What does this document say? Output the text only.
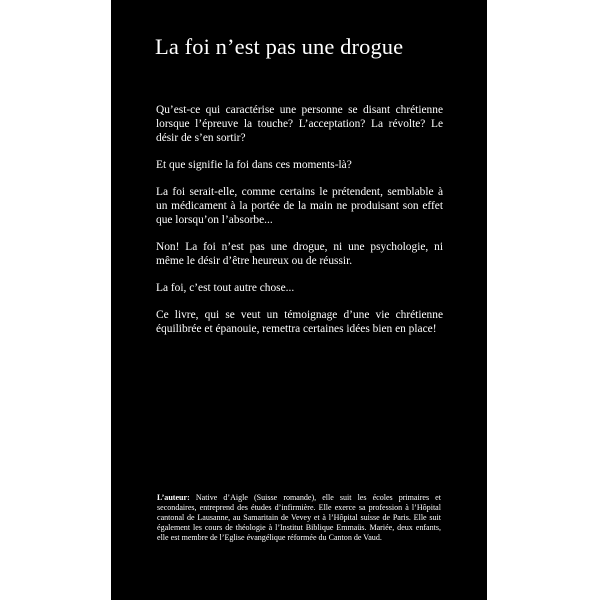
La foi n’est pas une drogue

Qu’est-ce qui caractérise une personne se disant chrétienne lorsque l’épreuve la touche? L’acceptation? La révolte? Le désir de s’en sortir?

Et que signifie la foi dans ces moments-là?

La foi serait-elle, comme certains le prétendent, semblable à un médicament à la portée de la main ne produisant son effet que lorsqu’on l’absorbe...

Non! La foi n’est pas une drogue, ni une psychologie, ni même le désir d’être heureux ou de réussir.

La foi, c’est tout autre chose...

Ce livre, qui se veut un témoignage d’une vie chrétienne équilibrée et épanouie, remettra certaines idées bien en place!

L’auteur: Native d’Aigle (Suisse romande), elle suit les écoles primaires et secondaires, entreprend des études d’infirmière. Elle exerce sa profession à l’Hôpital cantonal de Lausanne, au Samaritain de Vevey et à l’Hôpital suisse de Paris. Elle suit également les cours de théologie à l’Institut Biblique Emmaüs. Mariée, deux enfants, elle est membre de l’Eglise évangélique réformée du Canton de Vaud.
